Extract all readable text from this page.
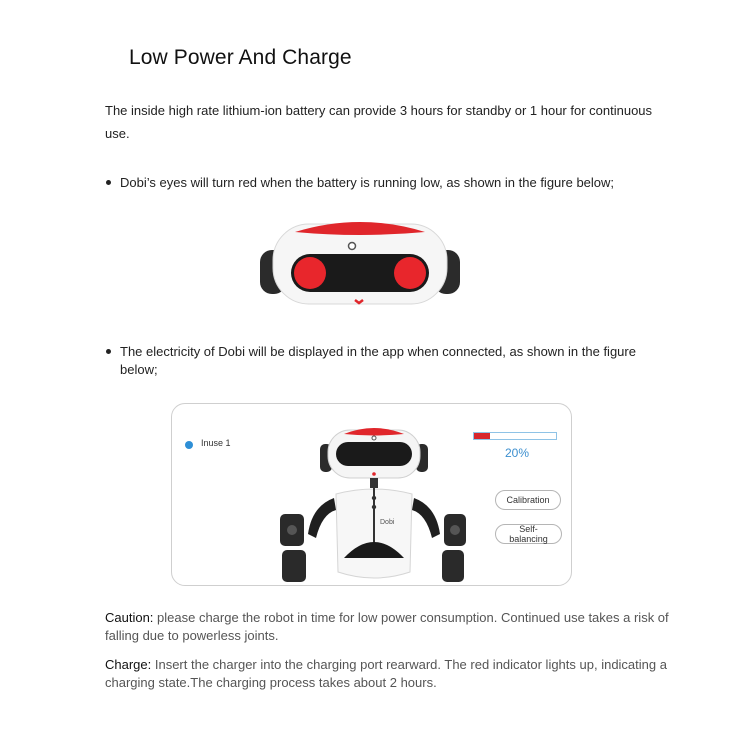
Low Power And Charge
The inside high rate lithium-ion battery can provide 3 hours for standby or 1 hour for continuous use.
Dobi’s eyes will turn red when the battery is running low, as shown in the figure below;
The electricity of Dobi will be displayed in the app when connected, as shown in the figure below;
Inuse 1
Dobi
20%
Calibration
Self-balancing
Caution: please charge the robot in time for low power consumption. Continued use takes a risk of falling due to powerless joints.
Charge: Insert the charger into the charging port rearward. The red indicator lights up, indicating a charging state.The charging process takes about 2 hours.
